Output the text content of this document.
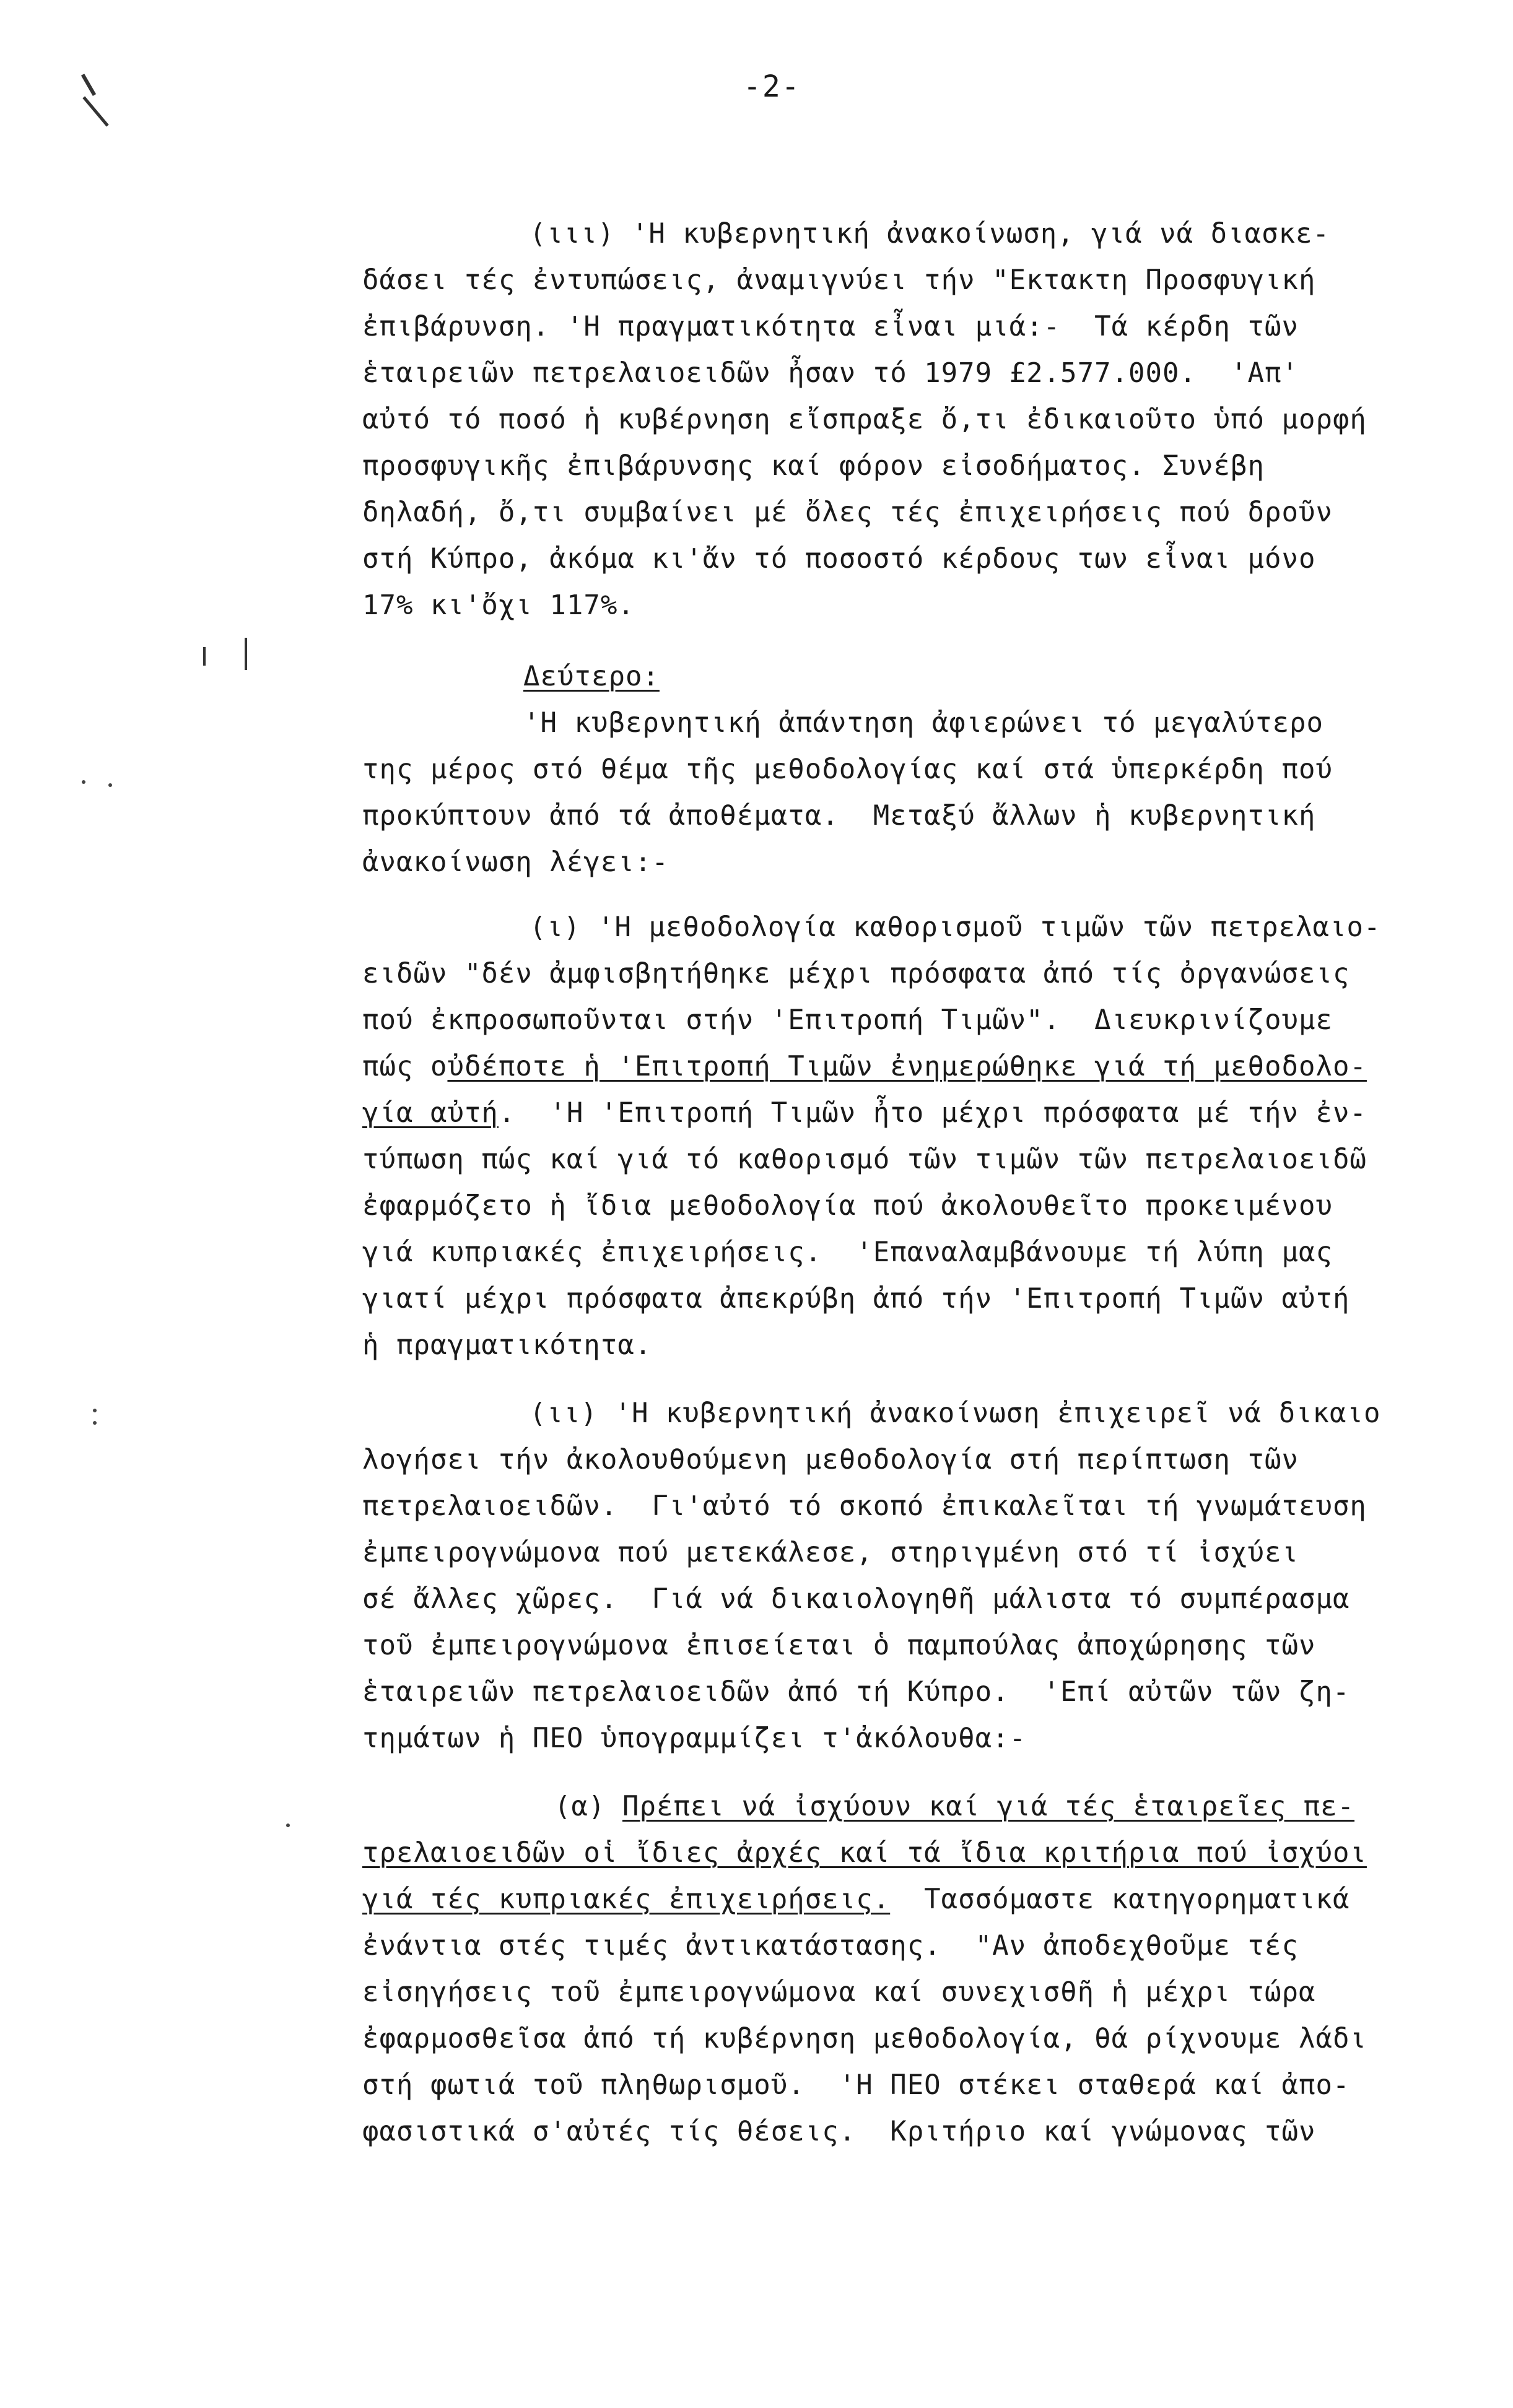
-2-
(ιιι) 'Η κυβερνητική ἀνακοίνωση, γιά νά διασκε-
δάσει τές ἐντυπώσεις, ἀναμιγνύει τήν "Εκτακτη Προσφυγική
ἐπιβάρυνση. 'Η πραγματικότητα εἶναι μιά:-  Τά κέρδη τῶν
ἑταιρειῶν πετρελαιοειδῶν ἦσαν τό 1979 £2.577.000.  'Απ'
αὐτό τό ποσό ἡ κυβέρνηση εἴσπραξε ὄ,τι ἐδικαιοῦτο ὑπό μορφή
προσφυγικῆς ἐπιβάρυνσης καί φόρον εἰσοδήματος. Συνέβη
δηλαδή, ὄ,τι συμβαίνει μέ ὄλες τές ἐπιχειρήσεις πού δροῦν
στή Κύπρο, ἀκόμα κι'ἄν τό ποσοστό κέρδους των εἶναι μόνο
17% κι'ὄχι 117%.
Δεύτερο:
'Η κυβερνητική ἀπάντηση ἀφιερώνει τό μεγαλύτερο
της μέρος στό θέμα τῆς μεθοδολογίας καί στά ὑπερκέρδη πού
προκύπτουν ἀπό τά ἀποθέματα.  Μεταξύ ἄλλων ἡ κυβερνητική
ἀνακοίνωση λέγει:-
(ι) 'Η μεθοδολογία καθορισμοῦ τιμῶν τῶν πετρελαιο-
ειδῶν "δέν ἀμφισβητήθηκε μέχρι πρόσφατα ἀπό τίς ὀργανώσεις
πού ἐκπροσωποῦνται στήν 'Επιτροπή Τιμῶν".  Διευκρινίζουμε
πώς οὐδέποτε ἡ 'Επιτροπή Τιμῶν ἐνημερώθηκε γιά τή μεθοδολο-
γία αὐτή.  'Η 'Επιτροπή Τιμῶν ἦτο μέχρι πρόσφατα μέ τήν ἐν-
τύπωση πώς καί γιά τό καθορισμό τῶν τιμῶν τῶν πετρελαιοειδῶ
ἐφαρμόζετο ἡ ἴδια μεθοδολογία πού ἀκολουθεῖτο προκειμένου
γιά κυπριακές ἐπιχειρήσεις.  'Επαναλαμβάνουμε τή λύπη μας
γιατί μέχρι πρόσφατα ἀπεκρύβη ἀπό τήν 'Επιτροπή Τιμῶν αὐτή
ἡ πραγματικότητα.
(ιι) 'Η κυβερνητική ἀνακοίνωση ἐπιχειρεῖ νά δικαιο
λογήσει τήν ἀκολουθούμενη μεθοδολογία στή περίπτωση τῶν
πετρελαιοειδῶν.  Γι'αὐτό τό σκοπό ἐπικαλεῖται τή γνωμάτευση
ἐμπειρογνώμονα πού μετεκάλεσε, στηριγμένη στό τί ἰσχύει
σέ ἄλλες χῶρες.  Γιά νά δικαιολογηθῆ μάλιστα τό συμπέρασμα
τοῦ ἐμπειρογνώμονα ἐπισείεται ὁ παμπούλας ἀποχώρησης τῶν
ἑταιρειῶν πετρελαιοειδῶν ἀπό τή Κύπρο.  'Επί αὐτῶν τῶν ζη-
τημάτων ἡ ΠΕΟ ὑπογραμμίζει τ'ἀκόλουθα:-
(α) Πρέπει νά ἰσχύουν καί γιά τές ἑταιρεῖες πε-
τρελαιοειδῶν οἱ ἴδιες ἀρχές καί τά ἴδια κριτήρια πού ἰσχύοι
γιά τές κυπριακές ἐπιχειρήσεις.  Τασσόμαστε κατηγορηματικά
ἐνάντια στές τιμές ἀντικατάστασης.  "Αν ἀποδεχθοῦμε τές
εἰσηγήσεις τοῦ ἐμπειρογνώμονα καί συνεχισθῆ ἡ μέχρι τώρα
ἐφαρμοσθεῖσα ἀπό τή κυβέρνηση μεθοδολογία, θά ρίχνουμε λάδι
στή φωτιά τοῦ πληθωρισμοῦ.  'Η ΠΕΟ στέκει σταθερά καί ἀπο-
φασιστικά σ'αὐτές τίς θέσεις.  Κριτήριο καί γνώμονας τῶν
